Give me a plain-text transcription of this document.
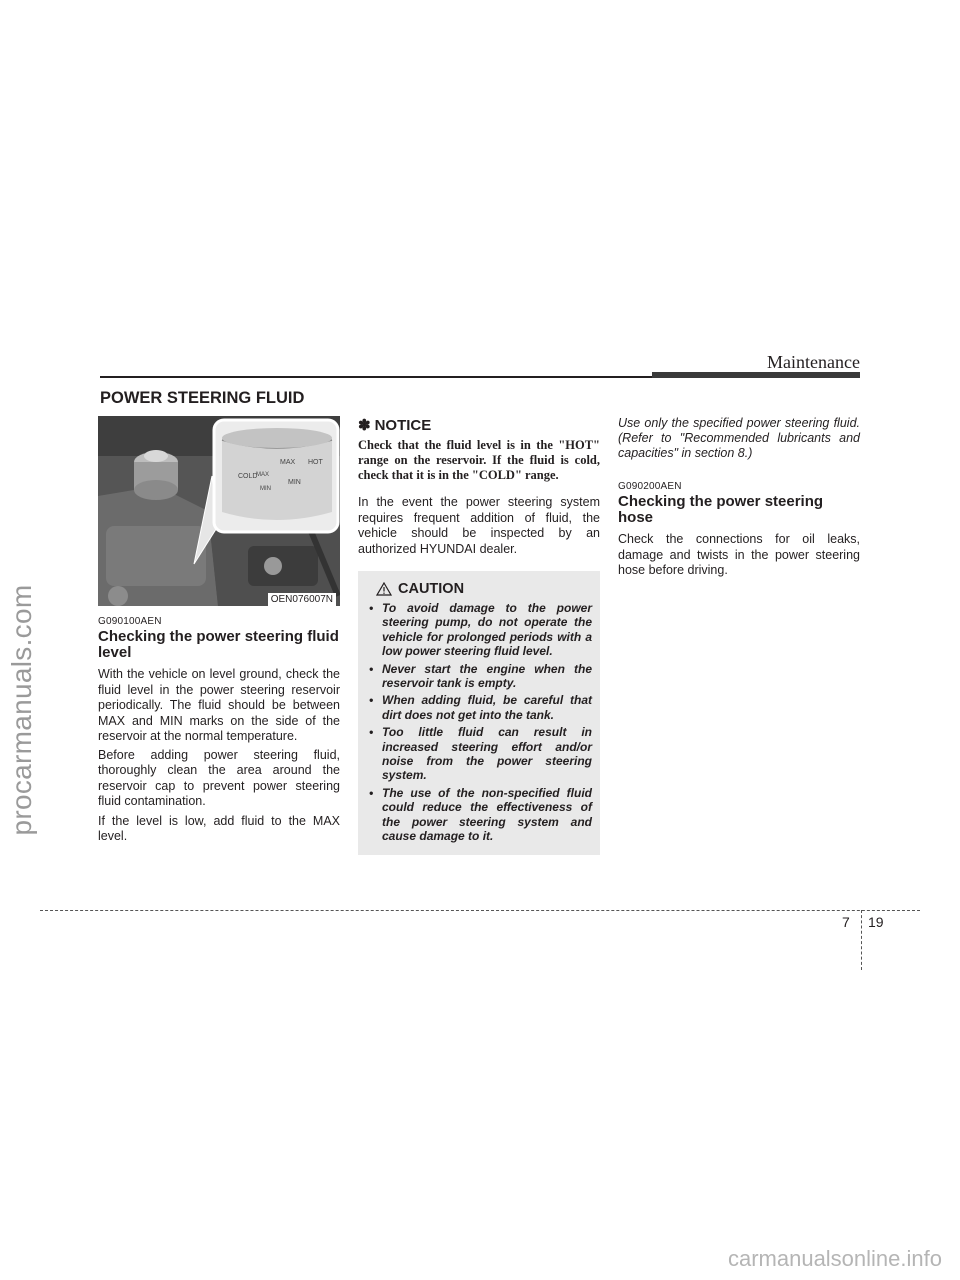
procarmanuals.com
Maintenance
POWER STEERING FLUID
MAX HOT
COLD
MIN
MAX
MIN
OEN076007N
G090100AEN
Checking the power steering fluid level

With the vehicle on level ground, check the fluid level in the power steering reservoir periodically. The fluid should be between MAX and MIN marks on the side of the reservoir at the normal temperature.

Before adding power steering fluid, thoroughly clean the area around the reservoir cap to prevent power steering fluid contamination.

If the level is low, add fluid to the MAX level.

✽ NOTICE

Check that the fluid level is in the "HOT" range on the reservoir. If the fluid is cold, check that it is in the "COLD" range.

In the event the power steering system requires frequent addition of fluid, the vehicle should be inspected by an authorized HYUNDAI dealer.

CAUTION
• To avoid damage to the power steering pump, do not operate the vehicle for prolonged periods with a low power steering fluid level.
• Never start the engine when the reservoir tank is empty.
• When adding fluid, be careful that dirt does not get into the tank.
• Too little fluid can result in increased steering effort and/or noise from the power steering system.
• The use of the non-specified fluid could reduce the effectiveness of the power steering system and cause damage to it.

Use only the specified power steering fluid. (Refer to "Recommended lubricants and capacities" in section 8.)

G090200AEN
Checking the power steering hose

Check the connections for oil leaks, damage and twists in the power steering hose before driving.

7 19
carmanualsonline.info
